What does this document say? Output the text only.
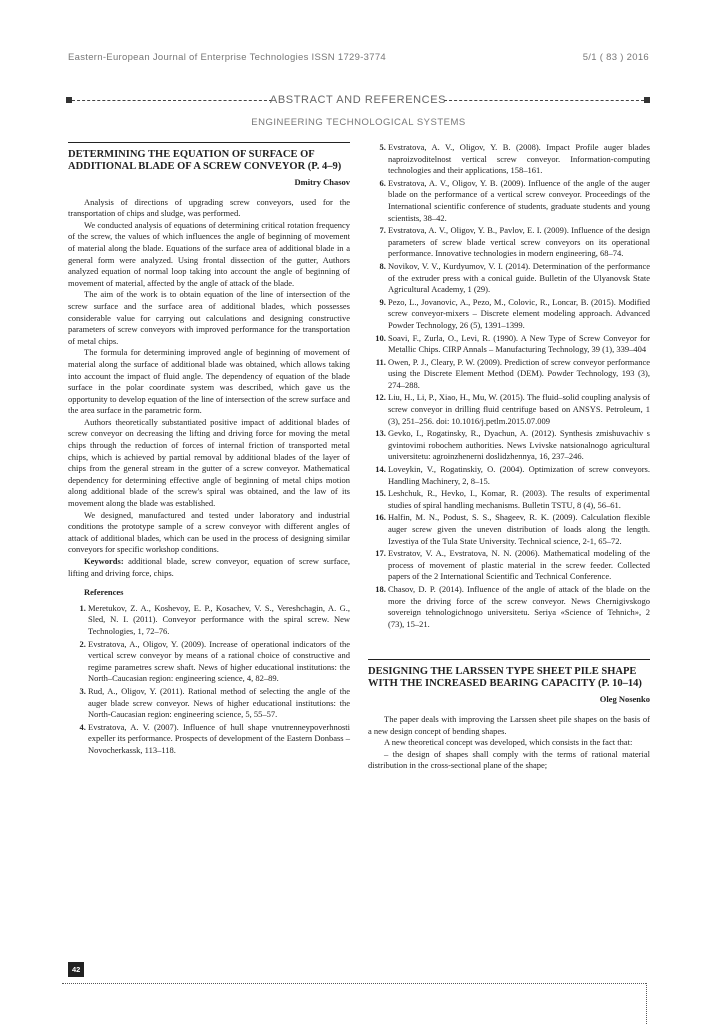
Eastern-European Journal of Enterprise Technologies ISSN 1729-3774	5/1 ( 83 ) 2016
ABSTRACT AND REFERENCES
ENGINEERING TECHNOLOGICAL SYSTEMS
DETERMINING THE EQUATION OF SURFACE OF ADDITIONAL BLADE OF A SCREW CONVEYOR (P. 4–9)
Dmitry Chasov

Analysis of directions of upgrading screw conveyors, used for the transportation of chips and sludge, was performed.

We conducted analysis of equations of determining critical rotation frequency of the screw, the values of which influences the angle of beginning of movement of material along the blade. Equations of the surface area of additional blade in a general form were analyzed. Using frontal dissection of the gutter, Authors analyzed equation of normal loop taking into account the angle of beginning of movement of material, affected by the angle of attack of the blade.

The aim of the work is to obtain equation of the line of intersection of the screw surface and the surface area of additional blades, which possesses considerable value for carrying out calculations and designing constructive parameters of screw conveyors with improved performance for the transportation of metal chips.

The formula for determining improved angle of beginning of movement of material along the surface of additional blade was obtained, which allows taking into account the impact of fluid angle. The dependency of equation of the blade surface in the polar coordinate system was described, which gave us the opportunity to develop equation of the line of intersection of the screw surface and the area surface in the parametric form.

Authors theoretically substantiated positive impact of additional blades of screw conveyor on decreasing the lifting and driving force for moving the metal chips through the reduction of forces of internal friction of transported metal chips, which is achieved by partial removal by additional blades of the layer of chips from the general stream in the gutter of a screw conveyor. Mathematical dependency for determining effective angle of beginning of metal chips motion along additional blade of the screw's spiral was obtained, and the law of its movement along the blade was established.

We designed, manufactured and tested under laboratory and industrial conditions the prototype sample of a screw conveyor with different angles of attack of additional blades, which can be used in the process of designing similar conveyors for specific workshop conditions.

Keywords: additional blade, screw conveyor, equation of screw surface, lifting and driving force, chips.

References
1. Meretukov, Z. A., Koshevoy, E. P., Kosachev, V. S., Vereshchagin, A. G., Sled, N. I. (2011). Conveyor performance with the spiral screw. New Technologies, 1, 72–76.
2. Evstratova, A., Oligov, Y. (2009). Increase of operational indicators of the vertical screw conveyor by means of a rational choice of constructive and regime parametres screw shaft. News of higher educational institutions: the North–Caucasian region: engineering science, 4, 82–89.
3. Rud, A., Oligov, Y. (2011). Rational method of selecting the angle of the auger blade screw conveyor. News of higher educational institutions: the North-Caucasian region: engineering science, 5, 55–57.
4. Evstratova, A. V. (2007). Influence of hull shape vnutrenneypoverhnosti expeller its performance. Prospects of development of the Eastern Donbass – Novocherkassk, 113–118.
5. Evstratova, A. V., Oligov, Y. B. (2008). Impact Profile auger blades naproizvoditelnost vertical screw conveyor. Information-computing technologies and their applications, 158–161.
6. Evstratova, A. V., Oligov, Y. B. (2009). Influence of the angle of the auger blade on the performance of a vertical screw conveyor. Proceedings of the International scientific conference of students, graduate students and young scientists, 38–42.
7. Evstratova, A. V., Oligov, Y. B., Pavlov, E. I. (2009). Influence of the design parameters of screw blade vertical screw conveyors on its operational performance. Innovative technologies in modern engineering, 68–74.
8. Novikov, V. V., Kurdyumov, V. I. (2014). Determination of the performance of the extruder press with a conical guide. Bulletin of the Ulyanovsk State Agricultural Academy, 1 (29).
9. Pezo, L., Jovanovic, A., Pezo, M., Colovic, R., Loncar, B. (2015). Modified screw conveyor-mixers – Discrete element modeling approach. Advanced Powder Technology, 26 (5), 1391–1399.
10. Soavi, F., Zurla, O., Levi, R. (1990). A New Type of Screw Conveyor for Metallic Chips. CIRP Annals – Manufacturing Technology, 39 (1), 339–404
11. Owen, P. J., Cleary, P. W. (2009). Prediction of screw conveyor performance using the Discrete Element Method (DEM). Powder Technology, 193 (3), 274–288.
12. Liu, H., Li, P., Xiao, H., Mu, W. (2015). The fluid–solid coupling analysis of screw conveyor in drilling fluid centrifuge based on ANSYS. Petroleum, 1 (3), 251–256. doi: 10.1016/j.petlm.2015.07.009
13. Gevko, I., Rogatinsky, R., Dyachun, A. (2012). Synthesis zmishuvachiv s gvintovimi robochem authorities. News Lvivske natsionalnogo agricultural universitetu: agroinzhenerni doslidzhennya, 16, 237–246.
14. Loveykin, V., Rogatinskiy, O. (2004). Optimization of screw conveyors. Handling Machinery, 2, 8–15.
15. Leshchuk, R., Hevko, I., Komar, R. (2003). The results of experimental studies of spiral handling mechanisms. Bulletin TSTU, 8 (4), 56–61.
16. Halfin, M. N., Podust, S. S., Shageev, R. K. (2009). Calculation flexible auger screw given the uneven distribution of loads along the length. Izvestiya of the Tula State University. Technical science, 2-1, 65–72.
17. Evstratov, V. A., Evstratova, N. N. (2006). Mathematical modeling of the process of movement of plastic material in the screw feeder. Collected papers of the 2 International Scientific and Technical Conference.
18. Chasov, D. P. (2014). Influence of the angle of attack of the blade on the more the driving force of the screw conveyor. News Chernigivskogo sovereign tehnologichnogo universitetu. Seriya «Science of Tehnich», 2 (73), 15–21.
DESIGNING THE LARSSEN TYPE SHEET PILE SHAPE WITH THE INCREASED BEARING CAPACITY (P. 10–14)
Oleg Nosenko

The paper deals with improving the Larssen sheet pile shapes on the basis of a new design concept of bending shapes.

A new theoretical concept was developed, which consists in the fact that:

– the design of shapes shall comply with the terms of rational material distribution in the cross-sectional plane of the shape;

42
